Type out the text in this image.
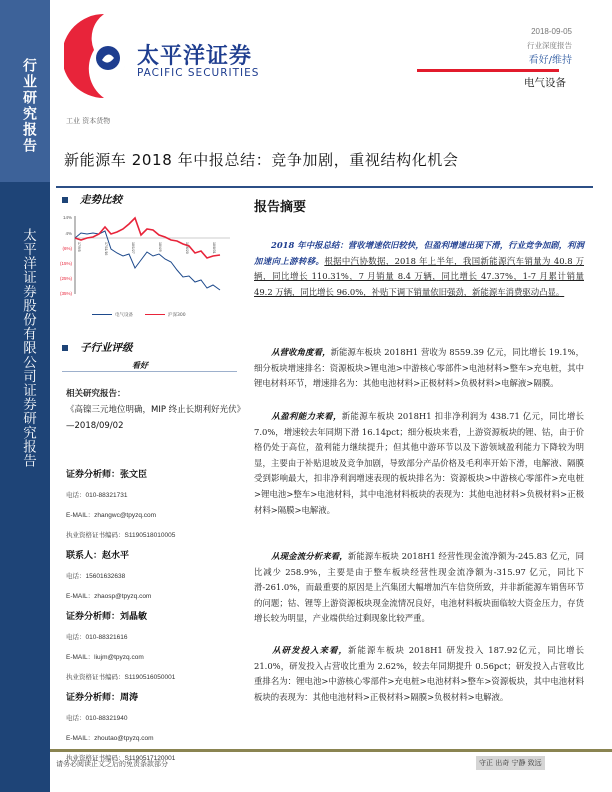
行业研究报告
太平洋证券股份有限公司证券研究报告
太平洋证券
PACIFIC SECURITIES
2018-09-05
行业深度报告
看好/维持
电气设备
工业 资本货物
新能源车 2018 年中报总结：竞争加剧，重视结构化机会
走势比较
14%
4%
(6%)
(15%)
(25%)
(35%)
17/9/5	17/11/16	18/1/27	18/4/9	18/6/20	18/8/31
电气设备	沪深300
子行业评级
看好
相关研究报告：
《高镍三元地位明确，MIP 终止长期利好光伏》—2018/09/02
证券分析师：张文臣
电话：010-88321731
E-MAIL：zhangwc@tpyzq.com
执业资格证书编码：S1190518010005
联系人：赵水平
电话：15601632638
E-MAIL：zhaosp@tpyzq.com
证券分析师：刘晶敏
电话：010-88321616
E-MAIL：liujm@tpyzq.com
执业资格证书编码：S1190516050001
证券分析师：周涛
电话：010-88321940
E-MAIL：zhoutao@tpyzq.com
执业资格证书编码：S1190517120001
报告摘要
2018 年中报总结：营收增速依旧较快，但盈利增速出现下滑，行业竞争加剧，利润加速向上游转移。根据中汽协数据，2018 年上半年，我国新能源汽车销量为 40.8 万辆，同比增长 110.31%，7 月销量 8.4 万辆，同比增长 47.37%，1-7 月累计销量 49.2 万辆，同比增长 96.0%，补贴下调下销量依旧强劲，新能源车消费驱动凸显。
从营收角度看，新能源车板块 2018H1 营收为 8559.39 亿元，同比增长 19.1%，细分板块增速排名：资源板块>锂电池>中游核心零部件>电池材料>整车>充电桩，其中锂电材料环节，增速排名为：其他电池材料>正极材料>负极材料>电解液>隔膜。
从盈利能力来看，新能源车板块 2018H1 扣非净利润为 438.71 亿元，同比增长 7.0%，增速较去年同期下滑 16.14pct；细分板块来看，上游资源板块的锂、钴，由于价格仍处于高位，盈利能力继续提升；但其他中游环节以及下游领域盈利能力下降较为明显，主要由于补贴退坡及竞争加剧，导致部分产品价格及毛利率开始下滑，电解液、隔膜受到影响最大，扣非净利润增速表现的板块排名为：资源板块>中游核心零部件>充电桩>锂电池>整车>电池材料，其中电池材料板块的表现为：其他电池材料>负极材料>正极材料>隔膜>电解液。
从现金流分析来看，新能源车板块 2018H1 经营性现金流净额为-245.83 亿元，同比减少 258.9%，主要是由于整车板块经营性现金流净额为-315.97 亿元，同比下滑-261.0%，而最重要的原因是上汽集团大幅增加汽车信贷所致，并非新能源车销售环节的问题；钴、锂等上游资源板块现金流情况良好，电池材料板块面临较大资金压力，存货增长较为明显，产业端供给过剩现象比较严重。
从研发投入来看，新能源车板块 2018H1 研发投入 187.92亿元，同比增长 21.0%，研发投入占营收比重为 2.62%，较去年同期提升 0.56pct；研发投入占营收比重排名为：锂电池>中游核心零部件>充电桩>电池材料>整车>资源板块，其中电池材料板块的表现为：其他电池材料>正极材料>隔膜>负极材料>电解液。
请务必阅读正文之后的免责条款部分	守正 出奇 宁静 致远
